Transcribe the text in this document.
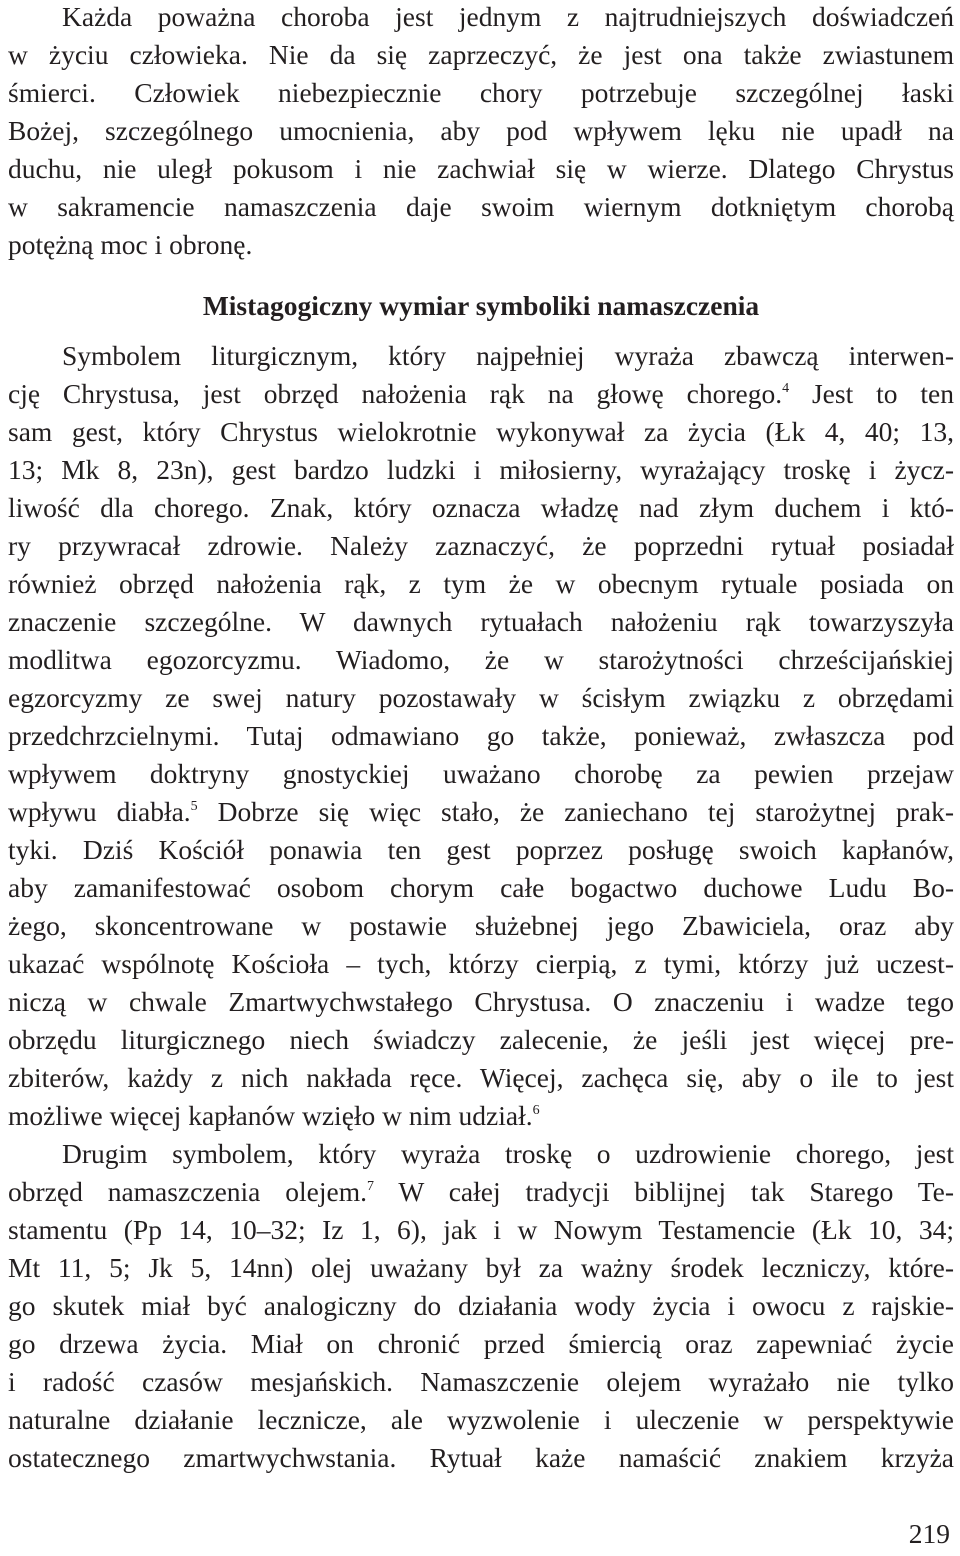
Każda poważna choroba jest jednym z najtrudniejszych doświadczeń
w życiu człowieka. Nie da się zaprzeczyć, że jest ona także zwiastunem
śmierci. Człowiek niebezpiecznie chory potrzebuje szczególnej łaski
Bożej, szczególnego umocnienia, aby pod wpływem lęku nie upadł na
duchu, nie uległ pokusom i nie zachwiał się w wierze. Dlatego Chrystus
w sakramencie namaszczenia daje swoim wiernym dotkniętym chorobą
potężną moc i obronę.
Mistagogiczny wymiar symboliki namaszczenia
Symbolem liturgicznym, który najpełniej wyraża zbawczą interwen-
cję Chrystusa, jest obrzęd nałożenia rąk na głowę chorego.$^4$ Jest to ten
sam gest, który Chrystus wielokrotnie wykonywał za życia (Łk 4, 40; 13,
13; Mk 8, 23n), gest bardzo ludzki i miłosierny, wyrażający troskę i życz-
liwość dla chorego. Znak, który oznacza władzę nad złym duchem i któ-
ry przywracał zdrowie. Należy zaznaczyć, że poprzedni rytuał posiadał
również obrzęd nałożenia rąk, z tym że w obecnym rytuale posiada on
znaczenie szczególne. W dawnych rytuałach nałożeniu rąk towarzyszyła
modlitwa egozorcyzmu. Wiadomo, że w starożytności chrześcijańskiej
egzorcyzmy ze swej natury pozostawały w ścisłym związku z obrzędami
przedchrzcielnymi. Tutaj odmawiano go także, ponieważ, zwłaszcza pod
wpływem doktryny gnostyckiej uważano chorobę za pewien przejaw
wpływu diabła.$^5$ Dobrze się więc stało, że zaniechano tej starożytnej prak-
tyki. Dziś Kościół ponawia ten gest poprzez posługę swoich kapłanów,
aby zamanifestować osobom chorym całe bogactwo duchowe Ludu Bo-
żego, skoncentrowane w postawie służebnej jego Zbawiciela, oraz aby
ukazać wspólnotę Kościoła – tych, którzy cierpią, z tymi, którzy już uczest-
niczą w chwale Zmartwychwstałego Chrystusa. O znaczeniu i wadze tego
obrzędu liturgicznego niech świadczy zalecenie, że jeśli jest więcej pre-
zbiterów, każdy z nich nakłada ręce. Więcej, zachęca się, aby o ile to jest
możliwe więcej kapłanów wzięło w nim udział.$^6$
Drugim symbolem, który wyraża troskę o uzdrowienie chorego, jest
obrzęd namaszczenia olejem.$^7$ W całej tradycji biblijnej tak Starego Te-
stamentu (Pp 14, 10–32; Iz 1, 6), jak i w Nowym Testamencie (Łk 10, 34;
Mt 11, 5; Jk 5, 14nn) olej uważany był za ważny środek leczniczy, które-
go skutek miał być analogiczny do działania wody życia i owocu z rajskie-
go drzewa życia. Miał on chronić przed śmiercią oraz zapewniać życie
i radość czasów mesjańskich. Namaszczenie olejem wyrażało nie tylko
naturalne działanie lecznicze, ale wyzwolenie i uleczenie w perspektywie
ostatecznego zmartwychwstania. Rytuał każe namaścić znakiem krzyża
219
